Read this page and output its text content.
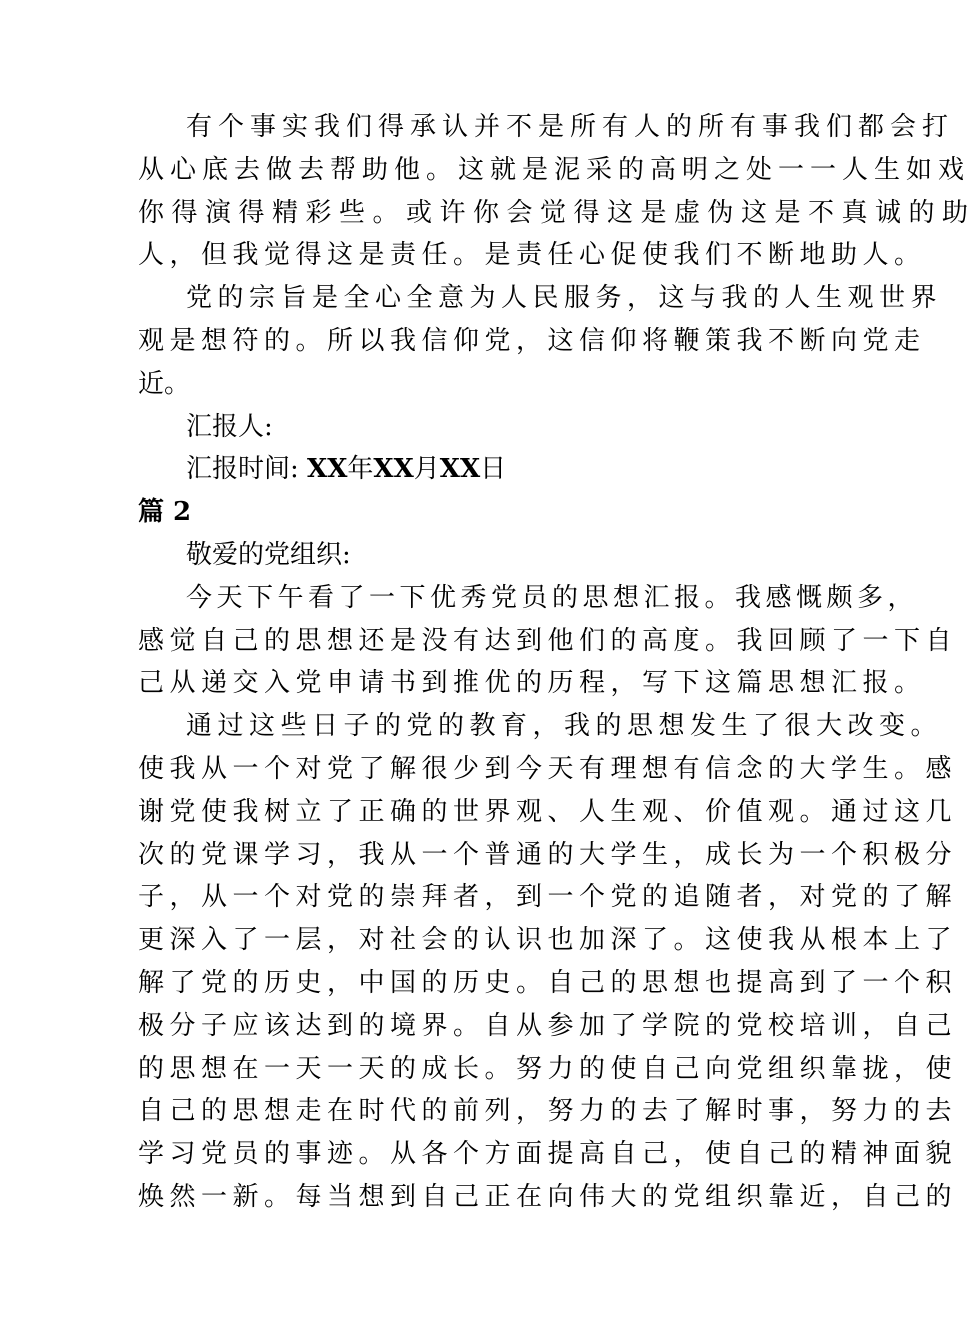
有个事实我们得承认并不是所有人的所有事我们都会打
从心底去做去帮助他。这就是泥采的高明之处一一人生如戏
你得演得精彩些。或许你会觉得这是虚伪这是不真诚的助
人，但我觉得这是责任。是责任心促使我们不断地助人。
党的宗旨是全心全意为人民服务，这与我的人生观世界
观是想符的。所以我信仰党，这信仰将鞭策我不断向党走
近。
汇报人:
汇报时间: XX年XX月XX日
篇 2
敬爱的党组织:
今天下午看了一下优秀党员的思想汇报。我感慨颇多，
感觉自己的思想还是没有达到他们的高度。我回顾了一下自
己从递交入党申请书到推优的历程，写下这篇思想汇报。
通过这些日子的党的教育，我的思想发生了很大改变。
使我从一个对党了解很少到今天有理想有信念的大学生。感
谢党使我树立了正确的世界观、人生观、价值观。通过这几
次的党课学习，我从一个普通的大学生，成长为一个积极分
子，从一个对党的崇拜者，到一个党的追随者，对党的了解
更深入了一层，对社会的认识也加深了。这使我从根本上了
解了党的历史，中国的历史。自己的思想也提高到了一个积
极分子应该达到的境界。自从参加了学院的党校培训，自己
的思想在一天一天的成长。努力的使自己向党组织靠拢，使
自己的思想走在时代的前列，努力的去了解时事，努力的去
学习党员的事迹。从各个方面提高自己，使自己的精神面貌
焕然一新。每当想到自己正在向伟大的党组织靠近，自己的
